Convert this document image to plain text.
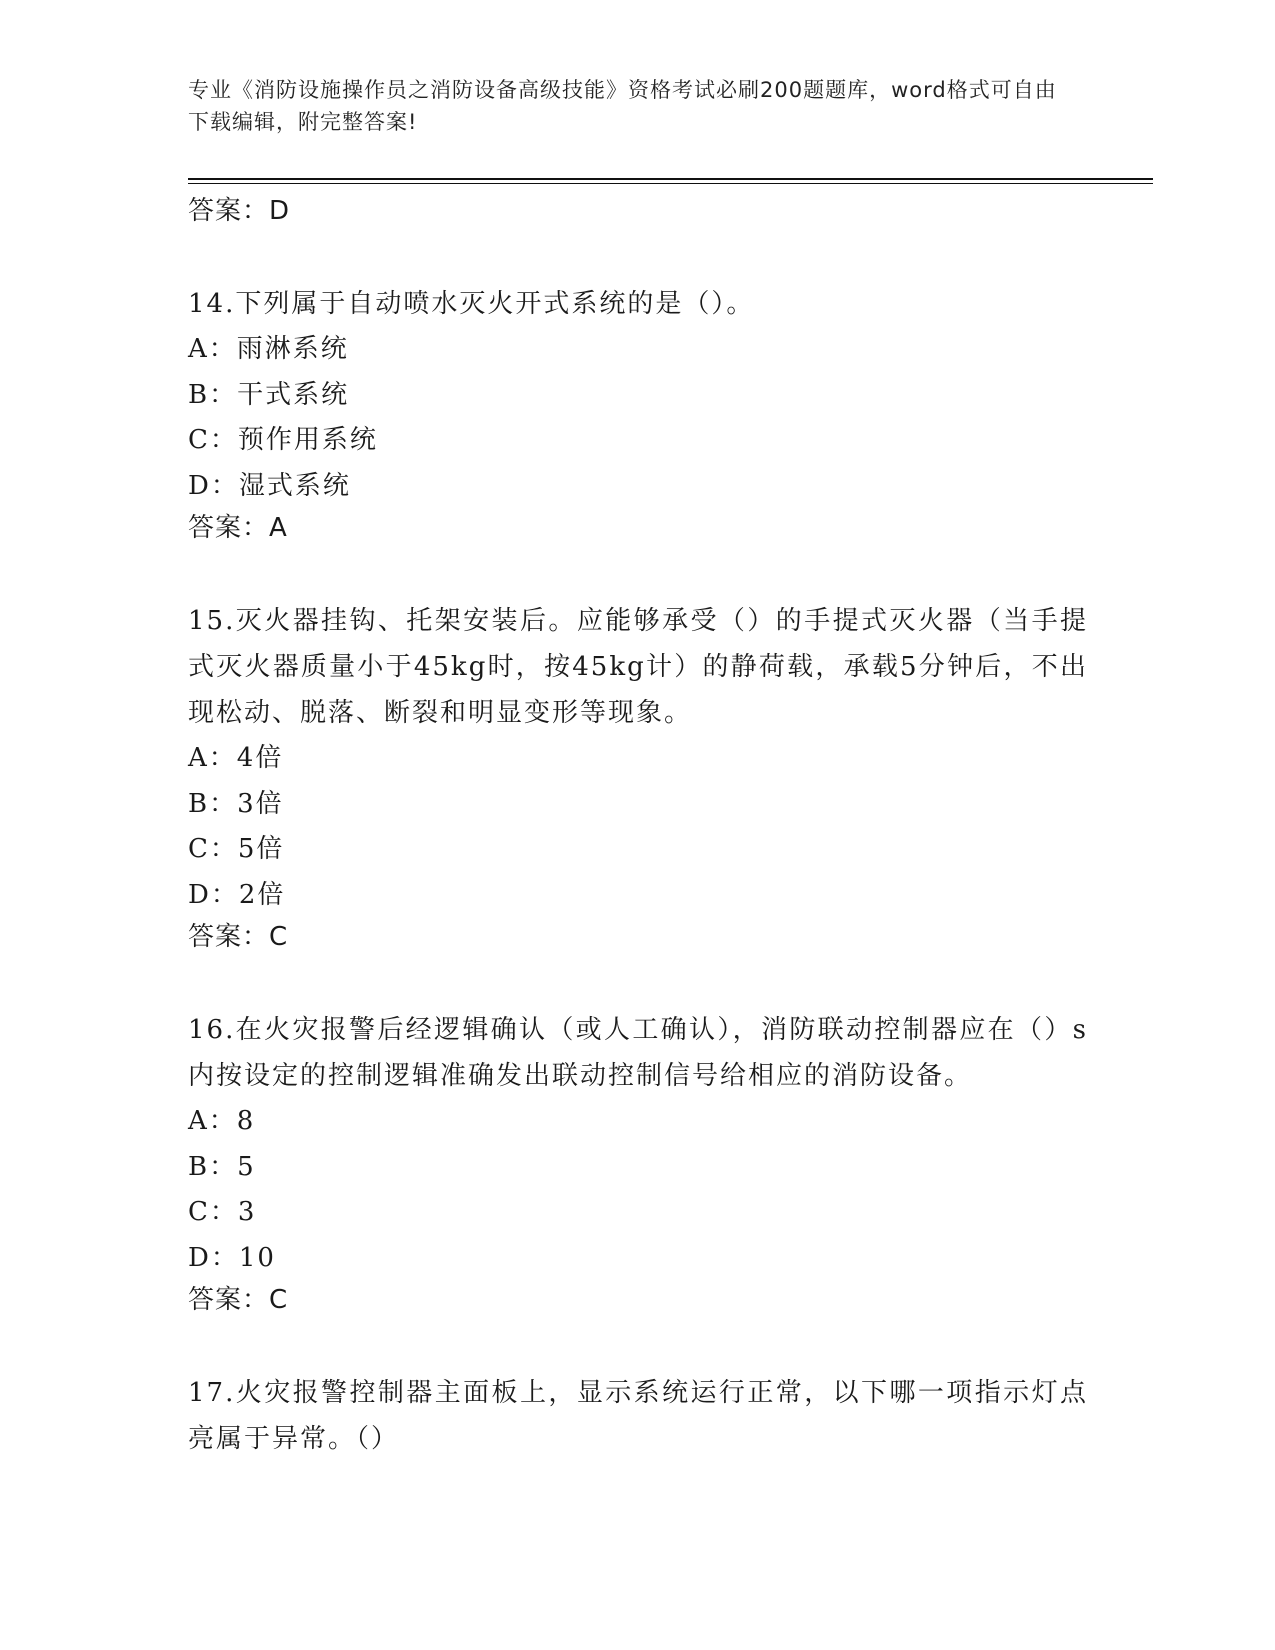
专业《消防设施操作员之消防设备高级技能》资格考试必刷200题题库，word格式可自由下载编辑，附完整答案!

答案：D

14.下列属于自动喷水灭火开式系统的是（）。

A：雨淋系统
B：干式系统
C：预作用系统
D：湿式系统

答案：A

15.灭火器挂钩、托架安装后。应能够承受（）的手提式灭火器（当手提式灭火器质量小于45kg时，按45kg计）的静荷载，承载5分钟后，不出现松动、脱落、断裂和明显变形等现象。

A：4倍
B：3倍
C：5倍
D：2倍

答案：C

16.在火灾报警后经逻辑确认（或人工确认），消防联动控制器应在（）s内按设定的控制逻辑准确发出联动控制信号给相应的消防设备。

A：8
B：5
C：3
D：10

答案：C

17.火灾报警控制器主面板上，显示系统运行正常，以下哪一项指示灯点亮属于异常。（）
